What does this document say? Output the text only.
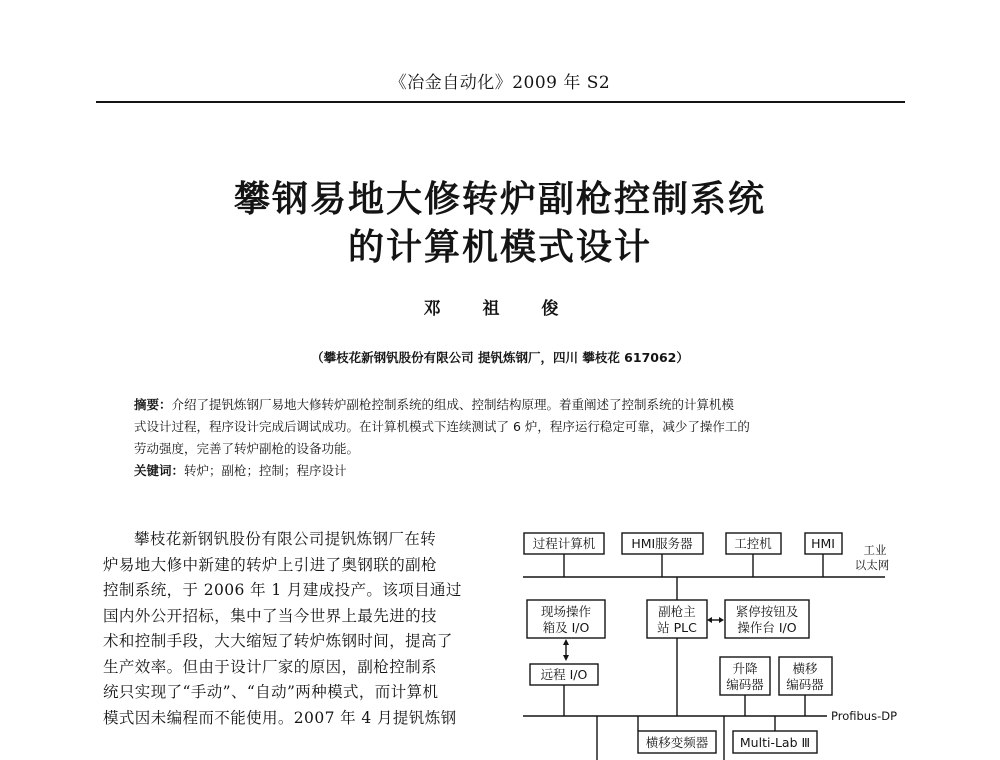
《冶金自动化》2009 年 S2
攀钢易地大修转炉副枪控制系统
的计算机模式设计
邓 祖 俊
（攀枝花新钢钒股份有限公司 提钒炼钢厂，四川 攀枝花 617062）
摘要：介绍了提钒炼钢厂易地大修转炉副枪控制系统的组成、控制结构原理。着重阐述了控制系统的计算机模
式设计过程，程序设计完成后调试成功。在计算机模式下连续测试了 6 炉，程序运行稳定可靠，减少了操作工的
劳动强度，完善了转炉副枪的设备功能。
关键词：转炉；副枪；控制；程序设计
攀枝花新钢钒股份有限公司提钒炼钢厂在转
炉易地大修中新建的转炉上引进了奥钢联的副枪
控制系统，于 2006 年 1 月建成投产。该项目通过
国内外公开招标，集中了当今世界上最先进的技
术和控制手段，大大缩短了转炉炼钢时间，提高了
生产效率。但由于设计厂家的原因，副枪控制系
统只实现了“手动”、“自动”两种模式，而计算机
模式因未编程而不能使用。2007 年 4 月提钒炼钢
过程计算机	HMI服务器	工控机	HMI 工业
以太网
现场操作
箱及 I/O
副枪主
站 PLC
紧停按钮及
操作台 I/O
远程 I/O	升降
编码器
横移
编码器
Profibus-DP
横移变频器	Multi-Lab Ⅲ
